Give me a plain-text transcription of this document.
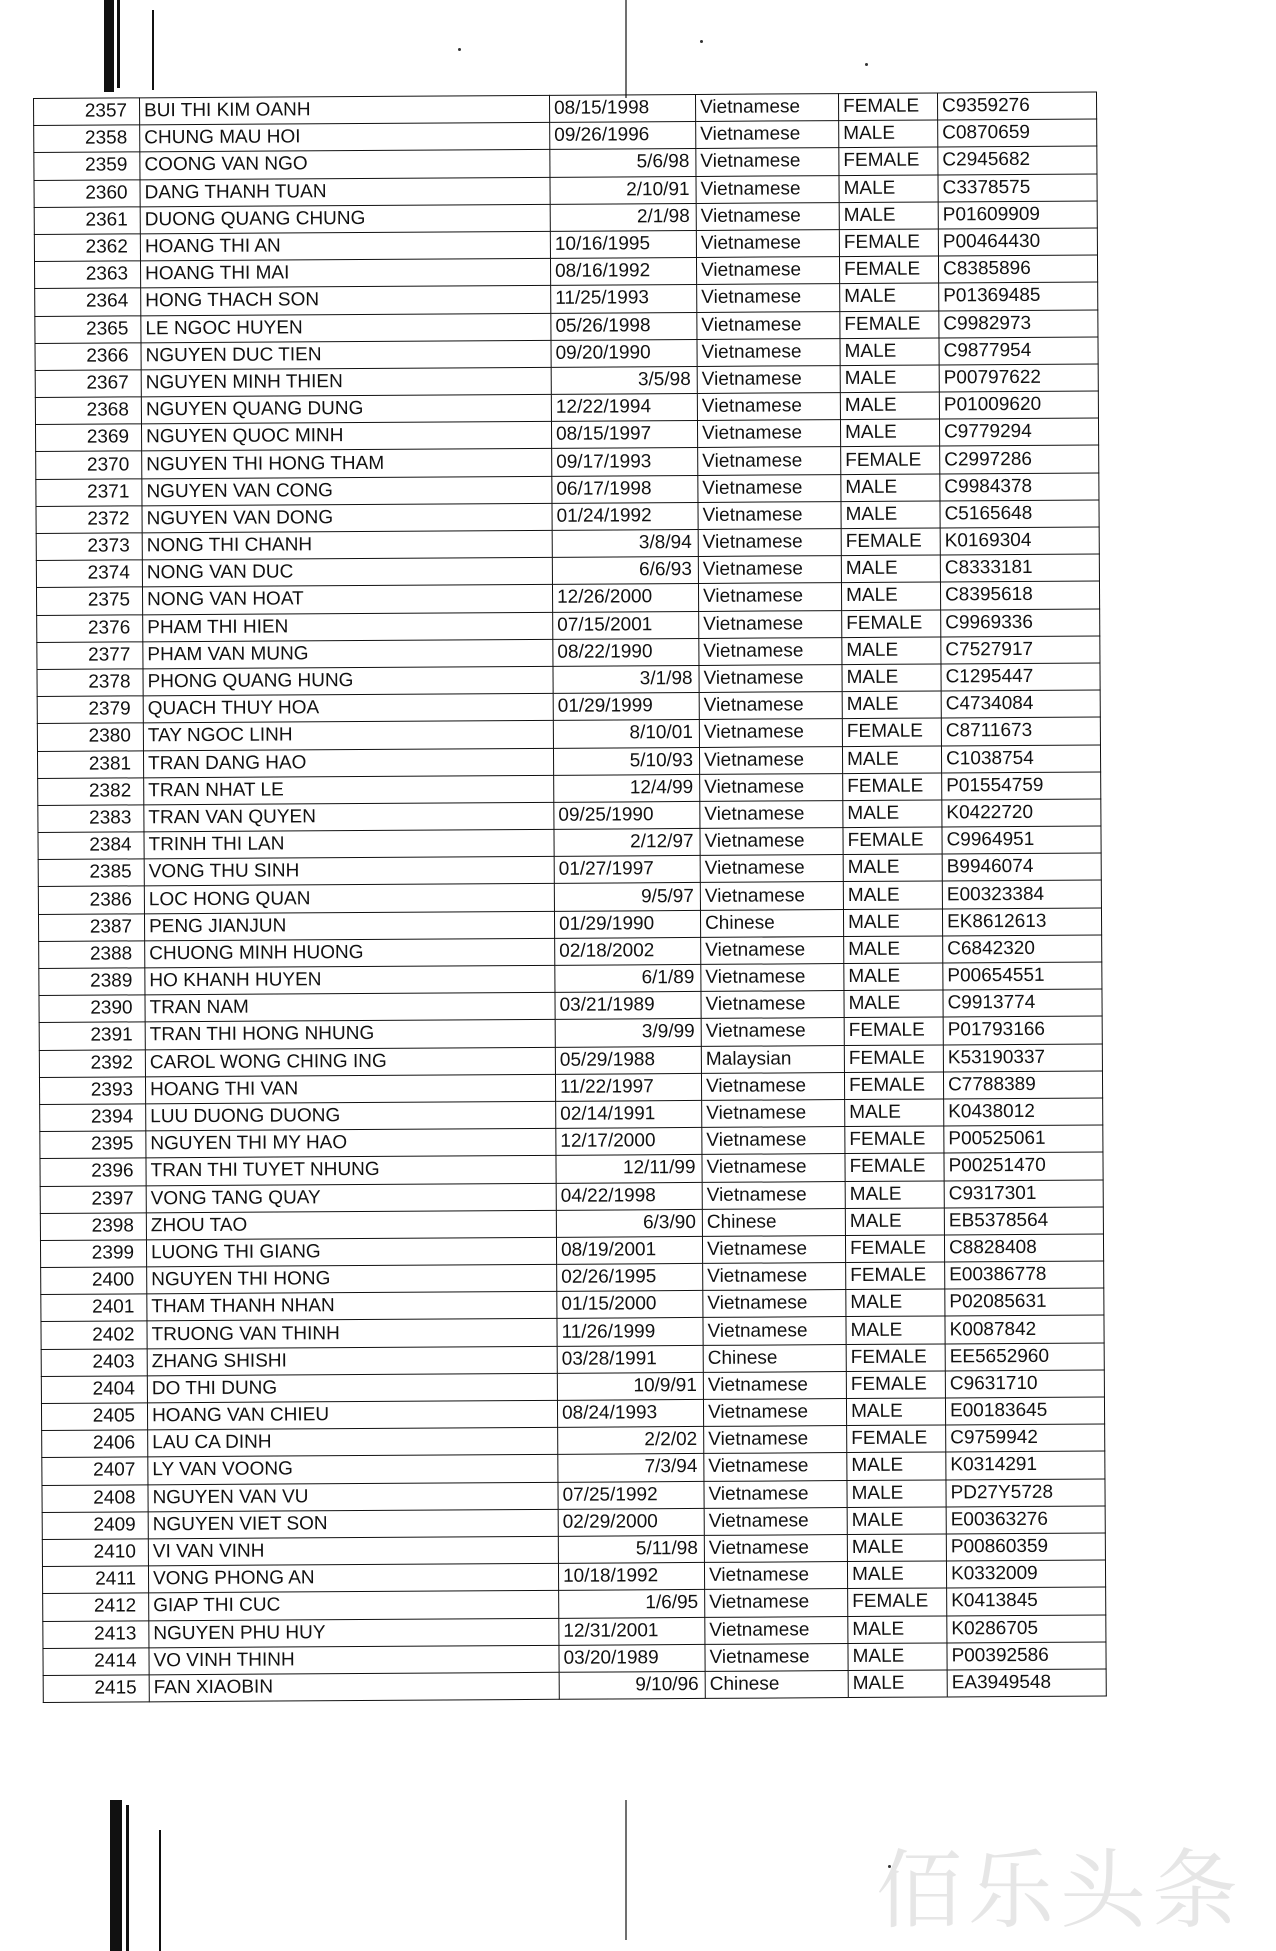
2357	BUI THI KIM OANH	08/15/1998	Vietnamese	FEMALE	C9359276
2358	CHUNG MAU HOI	09/26/1996	Vietnamese	MALE	C0870659
2359	COONG VAN NGO	5/6/98	Vietnamese	FEMALE	C2945682
2360	DANG THANH TUAN	2/10/91	Vietnamese	MALE	C3378575
2361	DUONG QUANG CHUNG	2/1/98	Vietnamese	MALE	P01609909
2362	HOANG THI AN	10/16/1995	Vietnamese	FEMALE	P00464430
2363	HOANG THI MAI	08/16/1992	Vietnamese	FEMALE	C8385896
2364	HONG THACH SON	11/25/1993	Vietnamese	MALE	P01369485
2365	LE NGOC HUYEN	05/26/1998	Vietnamese	FEMALE	C9982973
2366	NGUYEN DUC TIEN	09/20/1990	Vietnamese	MALE	C9877954
2367	NGUYEN MINH THIEN	3/5/98	Vietnamese	MALE	P00797622
2368	NGUYEN QUANG DUNG	12/22/1994	Vietnamese	MALE	P01009620
2369	NGUYEN QUOC MINH	08/15/1997	Vietnamese	MALE	C9779294
2370	NGUYEN THI HONG THAM	09/17/1993	Vietnamese	FEMALE	C2997286
2371	NGUYEN VAN CONG	06/17/1998	Vietnamese	MALE	C9984378
2372	NGUYEN VAN DONG	01/24/1992	Vietnamese	MALE	C5165648
2373	NONG THI CHANH	3/8/94	Vietnamese	FEMALE	K0169304
2374	NONG VAN DUC	6/6/93	Vietnamese	MALE	C8333181
2375	NONG VAN HOAT	12/26/2000	Vietnamese	MALE	C8395618
2376	PHAM THI HIEN	07/15/2001	Vietnamese	FEMALE	C9969336
2377	PHAM VAN MUNG	08/22/1990	Vietnamese	MALE	C7527917
2378	PHONG QUANG HUNG	3/1/98	Vietnamese	MALE	C1295447
2379	QUACH THUY HOA	01/29/1999	Vietnamese	MALE	C4734084
2380	TAY NGOC LINH	8/10/01	Vietnamese	FEMALE	C8711673
2381	TRAN DANG HAO	5/10/93	Vietnamese	MALE	C1038754
2382	TRAN NHAT LE	12/4/99	Vietnamese	FEMALE	P01554759
2383	TRAN VAN QUYEN	09/25/1990	Vietnamese	MALE	K0422720
2384	TRINH THI LAN	2/12/97	Vietnamese	FEMALE	C9964951
2385	VONG THU SINH	01/27/1997	Vietnamese	MALE	B9946074
2386	LOC HONG QUAN	9/5/97	Vietnamese	MALE	E00323384
2387	PENG JIANJUN	01/29/1990	Chinese	MALE	EK8612613
2388	CHUONG MINH HUONG	02/18/2002	Vietnamese	MALE	C6842320
2389	HO KHANH HUYEN	6/1/89	Vietnamese	MALE	P00654551
2390	TRAN NAM	03/21/1989	Vietnamese	MALE	C9913774
2391	TRAN THI HONG NHUNG	3/9/99	Vietnamese	FEMALE	P01793166
2392	CAROL WONG CHING ING	05/29/1988	Malaysian	FEMALE	K53190337
2393	HOANG THI VAN	11/22/1997	Vietnamese	FEMALE	C7788389
2394	LUU DUONG DUONG	02/14/1991	Vietnamese	MALE	K0438012
2395	NGUYEN THI MY HAO	12/17/2000	Vietnamese	FEMALE	P00525061
2396	TRAN THI TUYET NHUNG	12/11/99	Vietnamese	FEMALE	P00251470
2397	VONG TANG QUAY	04/22/1998	Vietnamese	MALE	C9317301
2398	ZHOU TAO	6/3/90	Chinese	MALE	EB5378564
2399	LUONG THI GIANG	08/19/2001	Vietnamese	FEMALE	C8828408
2400	NGUYEN THI HONG	02/26/1995	Vietnamese	FEMALE	E00386778
2401	THAM THANH NHAN	01/15/2000	Vietnamese	MALE	P02085631
2402	TRUONG VAN THINH	11/26/1999	Vietnamese	MALE	K0087842
2403	ZHANG SHISHI	03/28/1991	Chinese	FEMALE	EE5652960
2404	DO THI DUNG	10/9/91	Vietnamese	FEMALE	C9631710
2405	HOANG VAN CHIEU	08/24/1993	Vietnamese	MALE	E00183645
2406	LAU CA DINH	2/2/02	Vietnamese	FEMALE	C9759942
2407	LY VAN VOONG	7/3/94	Vietnamese	MALE	K0314291
2408	NGUYEN VAN VU	07/25/1992	Vietnamese	MALE	PD27Y5728
2409	NGUYEN VIET SON	02/29/2000	Vietnamese	MALE	E00363276
2410	VI VAN VINH	5/11/98	Vietnamese	MALE	P00860359
2411	VONG PHONG AN	10/18/1992	Vietnamese	MALE	K0332009
2412	GIAP THI CUC	1/6/95	Vietnamese	FEMALE	K0413845
2413	NGUYEN PHU HUY	12/31/2001	Vietnamese	MALE	K0286705
2414	VO VINH THINH	03/20/1989	Vietnamese	MALE	P00392586
2415	FAN XIAOBIN	9/10/96	Chinese	MALE	EA3949548
佰乐头条
